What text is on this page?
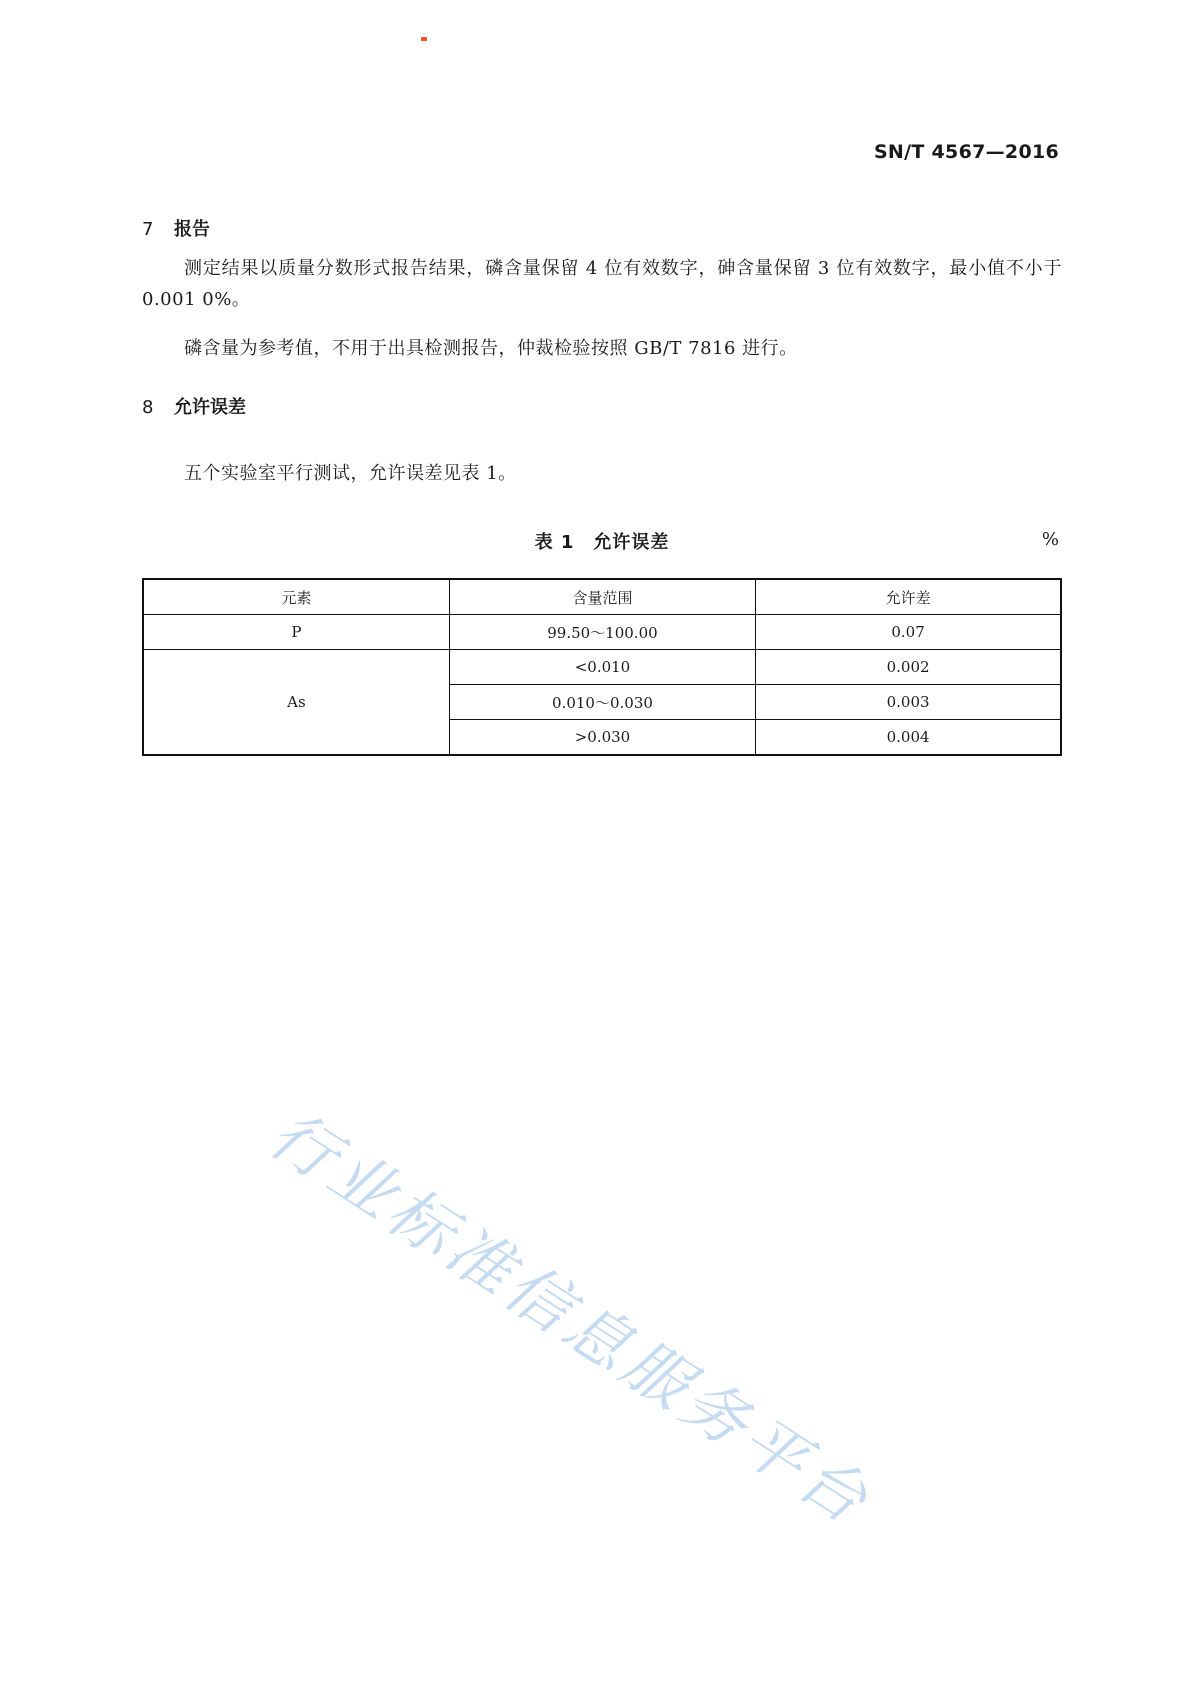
SN/T 4567—2016
7 报告

测定结果以质量分数形式报告结果，磷含量保留 4 位有效数字，砷含量保留 3 位有效数字，最小值不小于 0.001 0%。

磷含量为参考值，不用于出具检测报告，仲裁检验按照 GB/T 7816 进行。

8 允许误差

五个实验室平行测试，允许误差见表 1。

表 1　允许误差	%
元素	含量范围	允许差
P	99.50～100.00	0.07
As	<0.010	0.002
	0.010～0.030	0.003
	>0.030	0.004
行业标准信息服务平台
